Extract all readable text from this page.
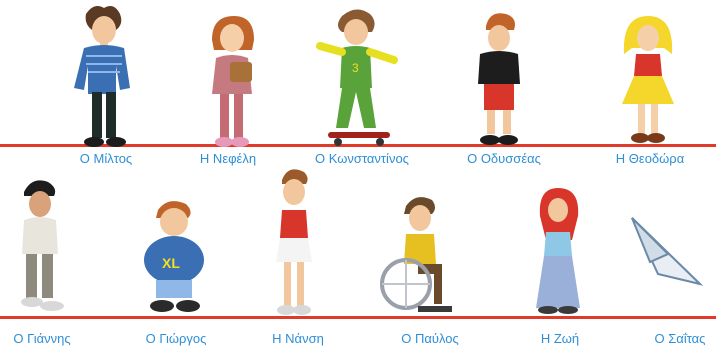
Ο Μίλτος	Η Νεφέλη
3
Ο Κωνσταντίνος	Ο Οδυσσέας	Η Θεοδώρα
Ο Γιάννης
XL
Ο Γιώργος	Η Νάνση	Ο Παύλος	Η Ζωή	Ο Σαΐτας
